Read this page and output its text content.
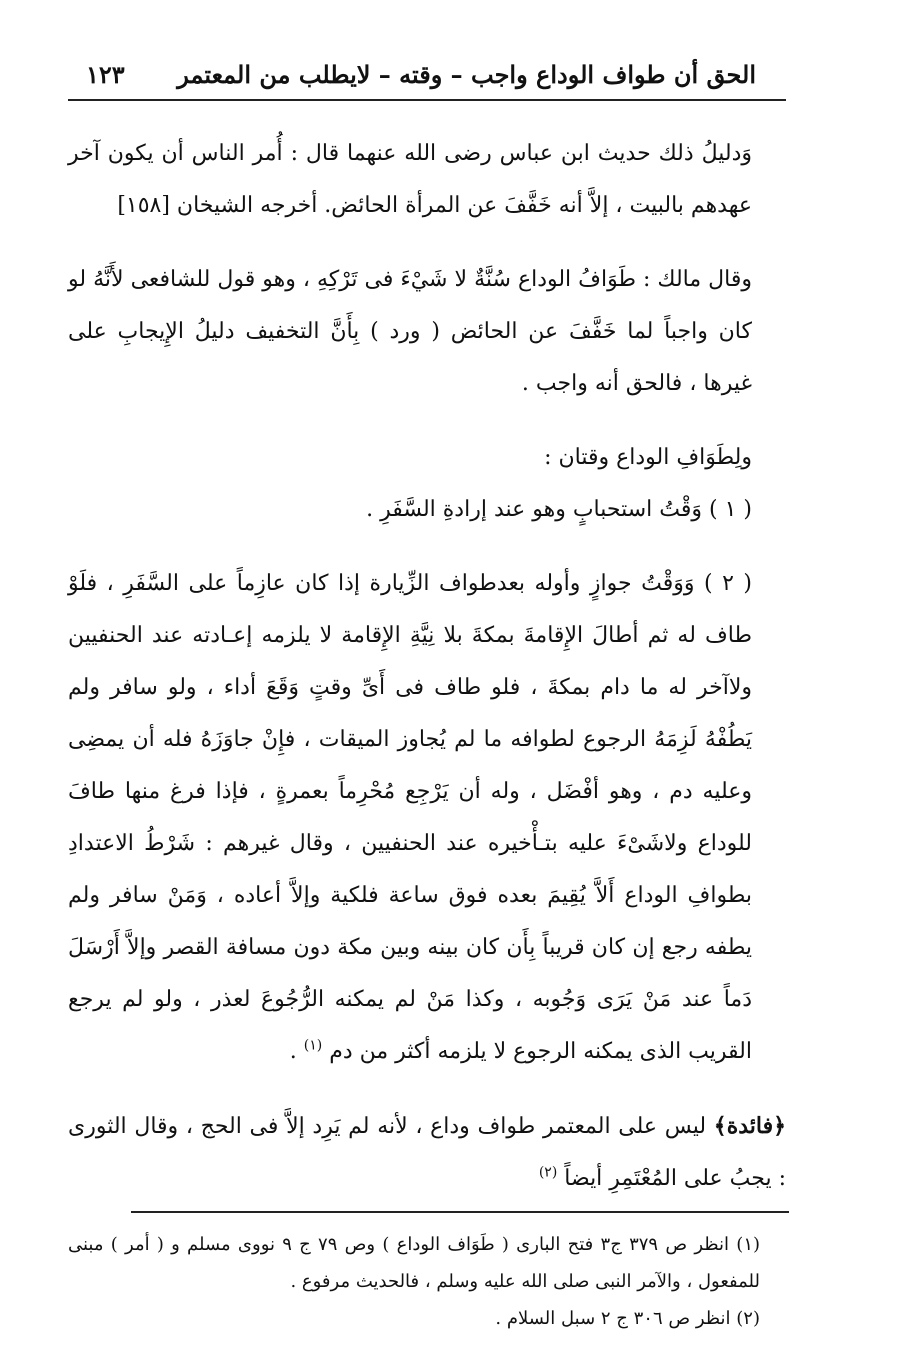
الحق أن طواف الوداع واجب – وقته – لايطلب من المعتمر
١٢٣

وَدليلُ ذلك حديث ابن عباس رضى الله عنهما قال : أُمر الناس أن يكون آخر عهدهم بالبيت ، إلاَّ أنه خَفَّفَ عن المرأة الحائض. أخرجه الشيخان [١٥٨]

وقال مالك : طَوَافُ الوداع سُنَّةٌ لا شَيْءَ فى تَرْكِهِ ، وهو قول للشافعى لأَنَّهُ لو كان واجباً لما خَفَّفَ عن الحائض ( ورد ) بِأَنَّ التخفيف دليلُ الإِيجابِ على غيرها ، فالحق أنه واجب .

ولِطَوَافِ الوداع وقتان :

( ١ ) وَقْتُ استحبابٍ وهو عند إرادةِ السَّفَرِ .

( ٢ ) وَوَقْتُ جوازٍ وأوله بعدطواف الزِّيارة إذا كان عازِماً على السَّفَرِ ، فلَوْ طاف له ثم أطالَ الإِقامةَ بمكةَ بلا نِيَّةِ الإِقامة لا يلزمه إعـادته عند الحنفيين ولاآخر له ما دام بمكةَ ، فلو طاف فى أَىِّ وقتٍ وَقَعَ أداء ، ولو سافر ولم يَطُفْهُ لَزِمَهُ الرجوع لطوافه ما لم يُجاوز الميقات ، فإِنْ جاوَزَهُ فله أن يمضِى وعليه دم ، وهو أفْضَل ، وله أن يَرْجِع مُحْرِماً بعمرةٍ ، فإذا فرغ منها طافَ للوداع ولاشَىْءَ عليه بتـأْخيره عند الحنفيين ، وقال غيرهم : شَرْطُ الاعتدادِ بطوافِ الوداع أَلاَّ يُقِيمَ بعده فوق ساعة فلكية وإلاَّ أعاده ، وَمَنْ سافر ولم يطفه رجع إن كان قريباً بِأَن كان بينه وبين مكة دون مسافة القصر وإلاَّ أَرْسَلَ دَماً عند مَنْ يَرَى وَجُوبه ، وكذا مَنْ لم يمكنه الرُّجُوعَ لعذر ، ولو لم يرجع القريب الذى يمكنه الرجوع لا يلزمه أكثر من دم $^{(١)}$ .

﴿فائدة﴾ ليس على المعتمر طواف وداع ، لأنه لم يَرِد إلاَّ فى الحج ، وقال الثورى : يجبُ على المُعْتَمِرِ أيضاً $^{(٢)}$

(١) انظر ص ٣٧٩ ج٣ فتح البارى ( طَوَاف الوداع ) وص ٧٩ ج ٩ نووى مسلم و ( أمر ) مبنى للمفعول ، والآمر النبى صلى الله عليه وسلم ، فالحديث مرفوع .

(٢) انظر ص ٣٠٦ ج ٢ سبل السلام .
